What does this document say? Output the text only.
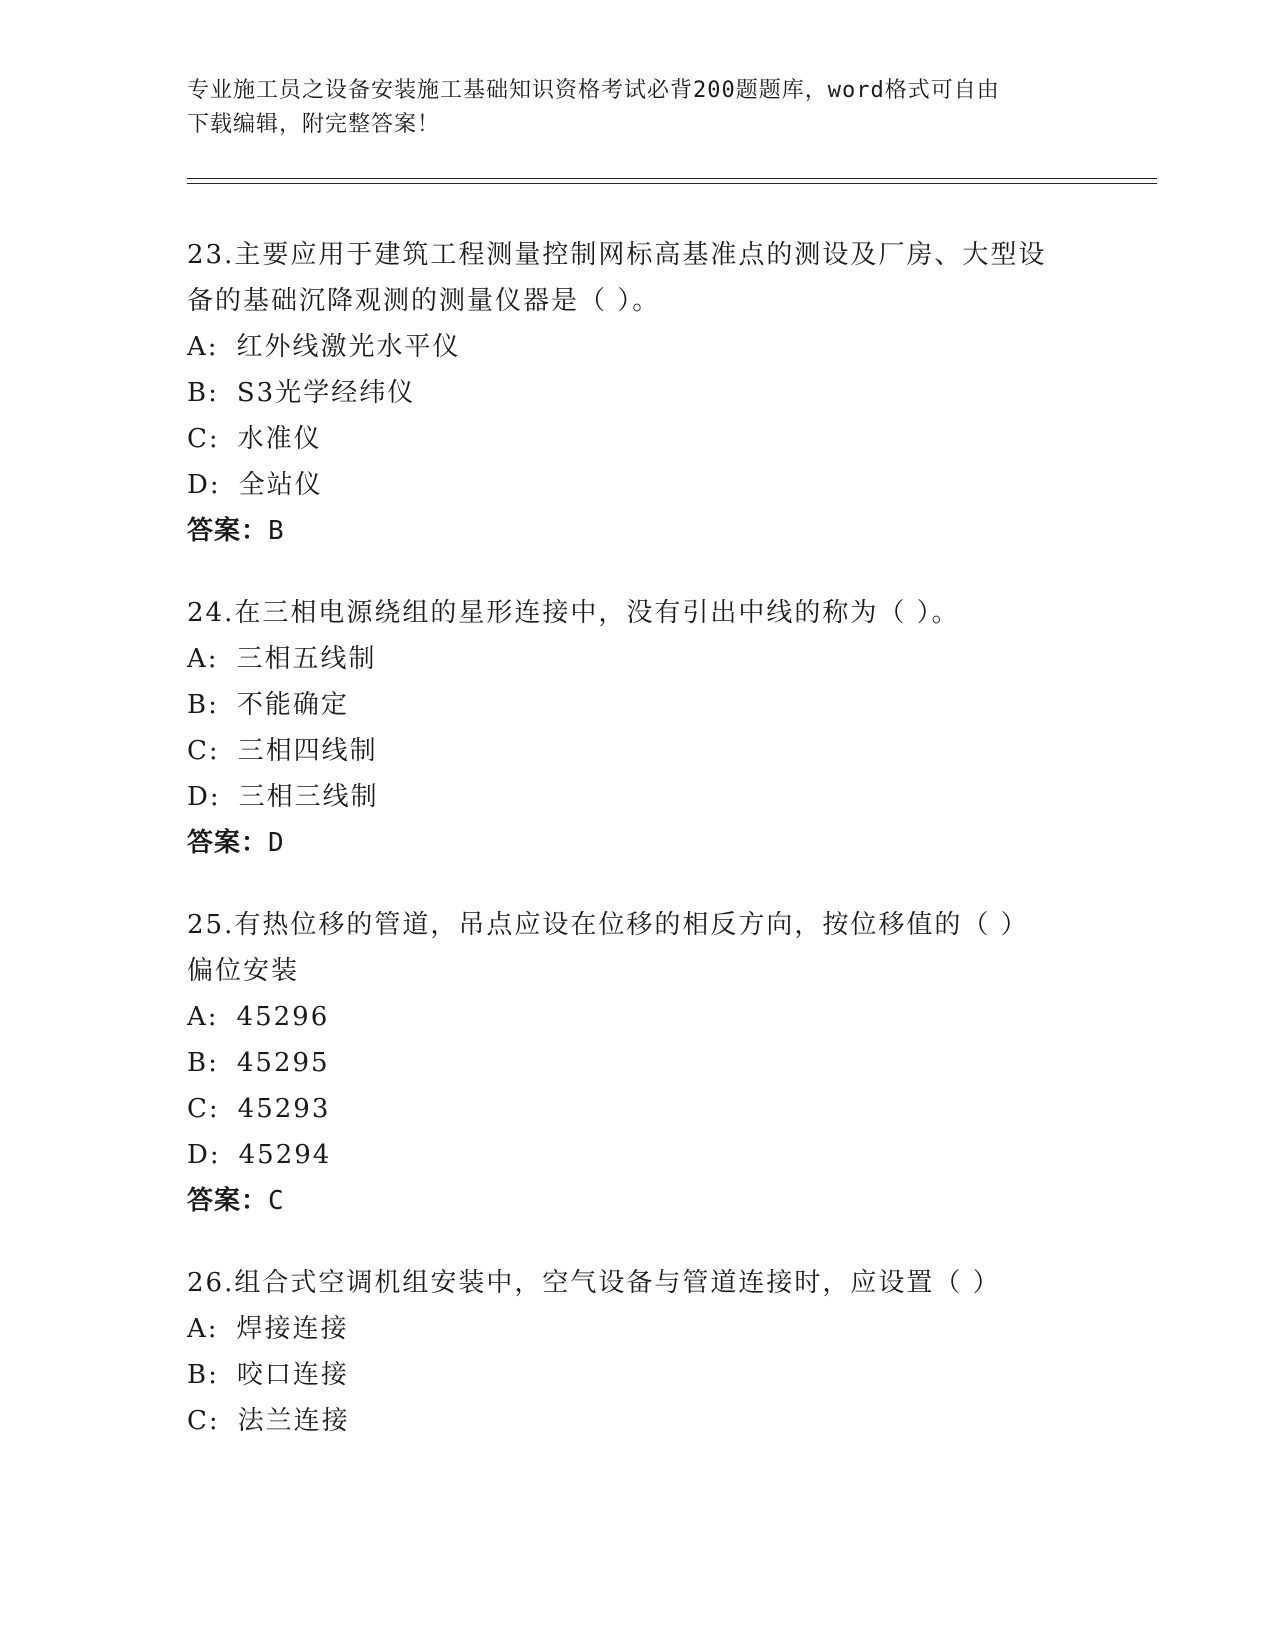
专业施工员之设备安装施工基础知识资格考试必背200题题库，word格式可自由
下载编辑，附完整答案！
23.主要应用于建筑工程测量控制网标高基准点的测设及厂房、大型设
备的基础沉降观测的测量仪器是（ ）。
A: 红外线激光水平仪
B: S3光学经纬仪
C: 水准仪
D: 全站仪
答案：B
24.在三相电源绕组的星形连接中，没有引出中线的称为（ ）。
A: 三相五线制
B: 不能确定
C: 三相四线制
D: 三相三线制
答案：D
25.有热位移的管道，吊点应设在位移的相反方向，按位移值的（ ）
偏位安装
A: 45296
B: 45295
C: 45293
D: 45294
答案：C
26.组合式空调机组安装中，空气设备与管道连接时，应设置（ ）
A: 焊接连接
B: 咬口连接
C: 法兰连接
